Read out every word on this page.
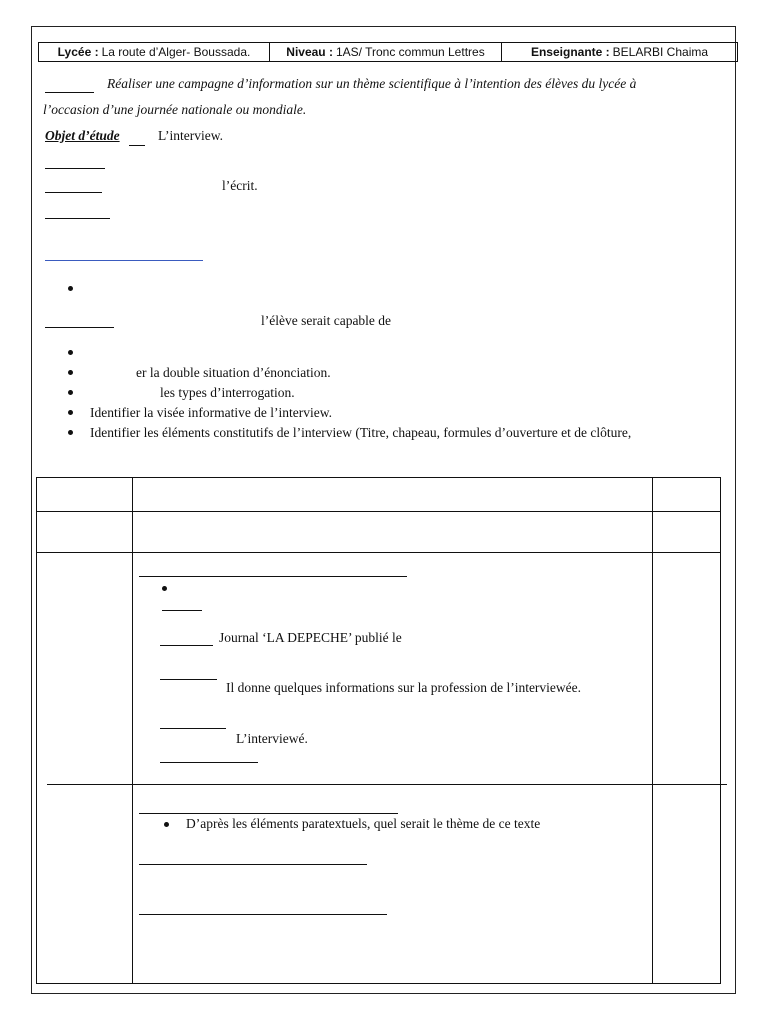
Lycée : La route d’Alger- Boussada.	Niveau : 1AS/ Tronc commun Lettres	Enseignante : BELARBI Chaima
Réaliser une campagne d’information sur un thème scientifique à l’intention des élèves du lycée à
l’occasion d’une journée nationale ou mondiale.
Objet d’étude	L’interview.
l’écrit.
l’élève serait capable de
er la double situation d’énonciation.
les types d’interrogation.
Identifier la visée informative de l’interview.
Identifier les éléments constitutifs de l’interview (Titre, chapeau, formules d’ouverture et de clôture,
Journal ‘LA DEPECHE’ publié le
Il donne quelques informations sur la profession de l’interviewée.
L’interviewé.
D’après les éléments paratextuels, quel serait le thème de ce texte
